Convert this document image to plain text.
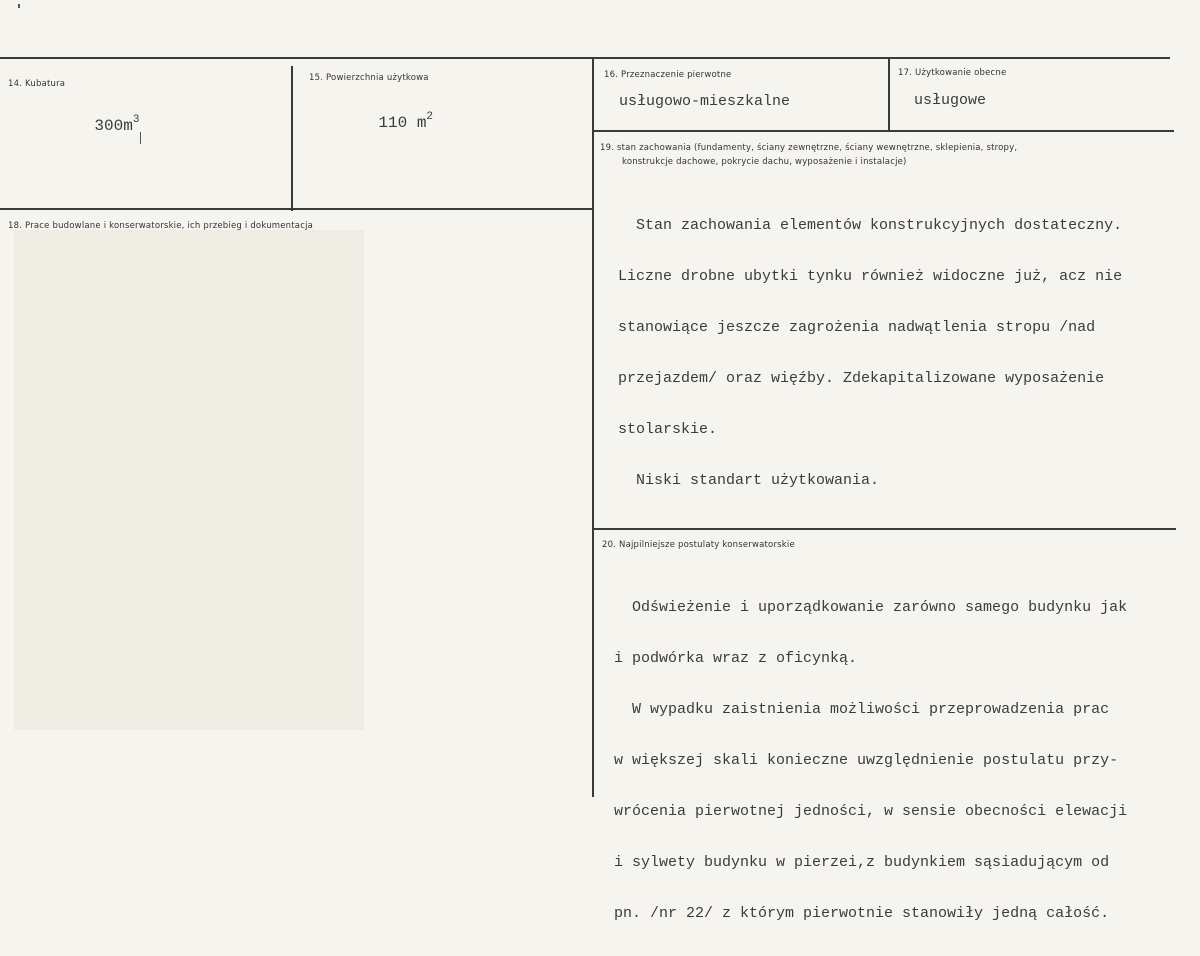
14. Kubatura

$300m^3$

15. Powierzchnia użytkowa

110 $m^2$

16. Przeznaczenie pierwotne
usługowo-mieszkalne
17. Użytkowanie obecne
usługowe
18. Prace budowlane i konserwatorskie, ich przebieg i dokumentacja
19. stan zachowania (fundamenty, ściany zewnętrzne, ściany wewnętrzne, sklepienia, stropy,
konstrukcje dachowe, pokrycie dachu, wyposażenie i instalacje)

Stan zachowania elementów konstrukcyjnych dostateczny.

Liczne drobne ubytki tynku również widoczne już, acz nie

stanowiące jeszcze zagrożenia nadwątlenia stropu /nad

przejazdem/ oraz więźby. Zdekapitalizowane wyposażenie

stolarskie.

Niski standart użytkowania.

20. Najpilniejsze postulaty konserwatorskie

Odświeżenie i uporządkowanie zarówno samego budynku jak

i podwórka wraz z oficynką.

W wypadku zaistnienia możliwości przeprowadzenia prac

w większej skali konieczne uwzględnienie postulatu przy-

wrócenia pierwotnej jedności, w sensie obecności elewacji

i sylwety budynku w pierzei,z budynkiem sąsiadującym od

pn. /nr 22/ z którym pierwotnie stanowiły jedną całość.
